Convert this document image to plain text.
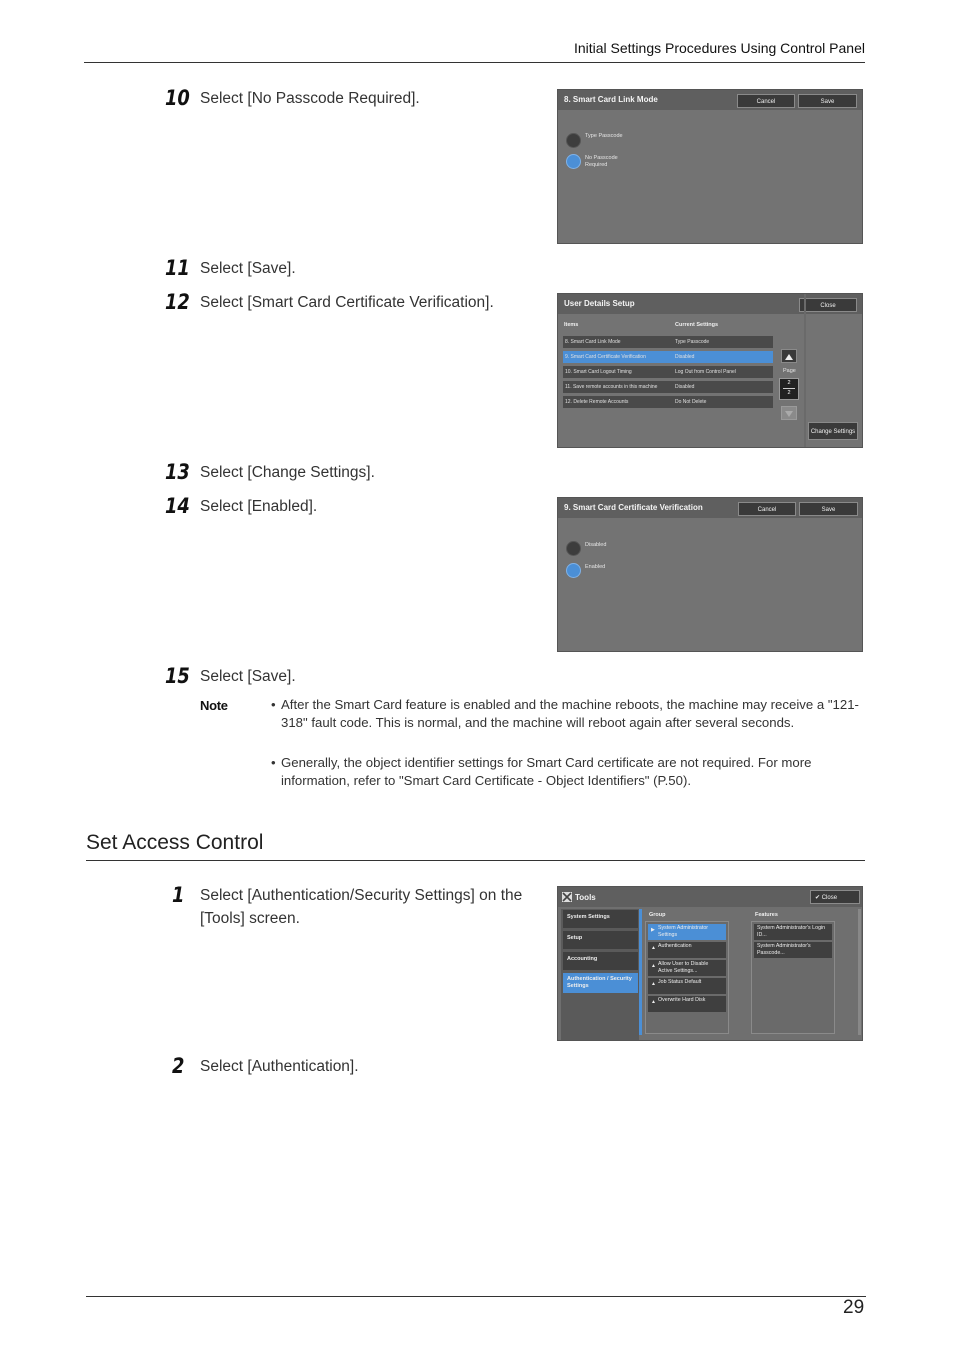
Initial Settings Procedures Using Control Panel
10 Select [No Passcode Required].	8. Smart Card Link Mode	Cancel	Save
Type Passcode
No Passcode Required
11 Select [Save].
12 Select [Smart Card Certificate Verification].	User Details Setup	Close
Items	Current Settings
8. Smart Card Link Mode	Type Passcode
9. Smart Card Certificate Verification	Disabled
10. Smart Card Logout Timing	Log Out from Control Panel
11. Save remote accounts in this machine	Disabled
12. Delete Remote Accounts	Do Not Delete
Page
2
2
Change Settings
13 Select [Change Settings].
14 Select [Enabled].	9. Smart Card Certificate Verification	Cancel	Save
Disabled
Enabled
15 Select [Save].
Note	• After the Smart Card feature is enabled and the machine reboots, the machine may receive a "121-318" fault code. This is normal, and the machine will reboot again after several seconds.
• Generally, the object identifier settings for Smart Card certificate are not required. For more information, refer to "Smart Card Certificate - Object Identifiers" (P.50).
Set Access Control
1 Select [Authentication/Security Settings] on the [Tools] screen.
Tools	✔ Close
System Settings
Setup
Accounting
Authentication / Security Settings
Group	Features
▶ System Administrator Settings
▲ Authentication
▲ Allow User to Disable Active Settings...
▲ Job Status Default
▲ Overwrite Hard Disk
System Administrator's Login ID...
System Administrator's Passcode...
2 Select [Authentication].
29
